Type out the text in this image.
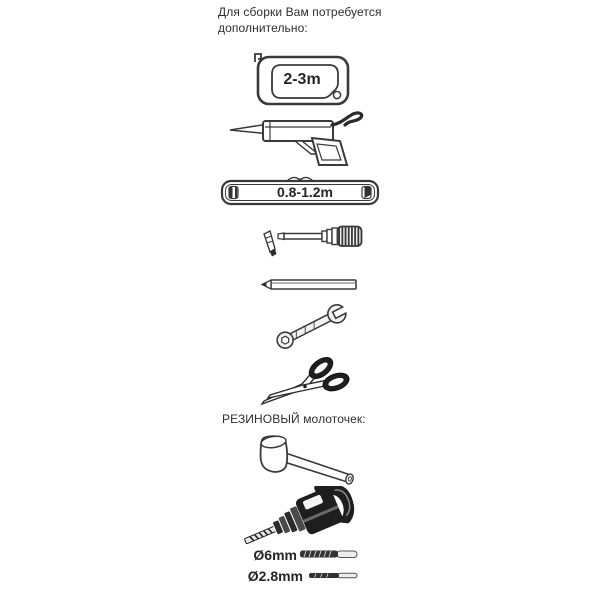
Для сборки Вам потребуется
дополнительно:
2-3m
0.8-1.2m
РЕЗИНОВЫЙ молоточек:
Ø6mm
Ø2.8mm
